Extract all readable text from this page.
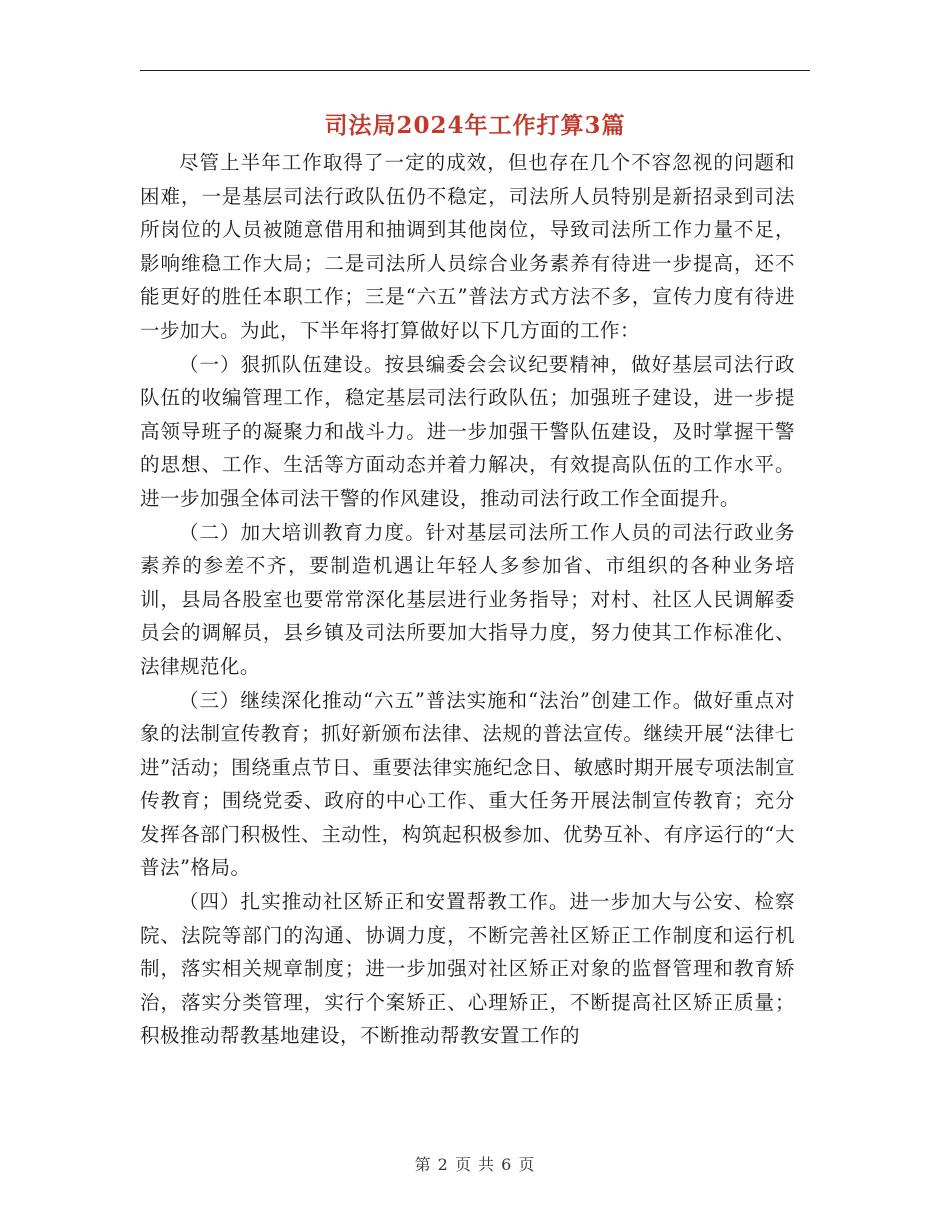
司法局2024年工作打算3篇

尽管上半年工作取得了一定的成效，但也存在几个不容忽视的问题和困难，一是基层司法行政队伍仍不稳定，司法所人员特别是新招录到司法所岗位的人员被随意借用和抽调到其他岗位，导致司法所工作力量不足，影响维稳工作大局；二是司法所人员综合业务素养有待进一步提高，还不能更好的胜任本职工作；三是“六五”普法方式方法不多，宣传力度有待进一步加大。为此，下半年将打算做好以下几方面的工作：

（一）狠抓队伍建设。按县编委会会议纪要精神，做好基层司法行政队伍的收编管理工作，稳定基层司法行政队伍；加强班子建设，进一步提高领导班子的凝聚力和战斗力。进一步加强干警队伍建设，及时掌握干警的思想、工作、生活等方面动态并着力解决，有效提高队伍的工作水平。进一步加强全体司法干警的作风建设，推动司法行政工作全面提升。

（二）加大培训教育力度。针对基层司法所工作人员的司法行政业务素养的参差不齐，要制造机遇让年轻人多参加省、市组织的各种业务培训，县局各股室也要常常深化基层进行业务指导；对村、社区人民调解委员会的调解员，县乡镇及司法所要加大指导力度，努力使其工作标准化、法律规范化。

（三）继续深化推动“六五”普法实施和“法治”创建工作。做好重点对象的法制宣传教育；抓好新颁布法律、法规的普法宣传。继续开展“法律七进”活动；围绕重点节日、重要法律实施纪念日、敏感时期开展专项法制宣传教育；围绕党委、政府的中心工作、重大任务开展法制宣传教育；充分发挥各部门积极性、主动性，构筑起积极参加、优势互补、有序运行的“大普法”格局。

（四）扎实推动社区矫正和安置帮教工作。进一步加大与公安、检察院、法院等部门的沟通、协调力度，不断完善社区矫正工作制度和运行机制，落实相关规章制度；进一步加强对社区矫正对象的监督管理和教育矫治，落实分类管理，实行个案矫正、心理矫正，不断提高社区矫正质量；积极推动帮教基地建设，不断推动帮教安置工作的

第 2 页 共 6 页
